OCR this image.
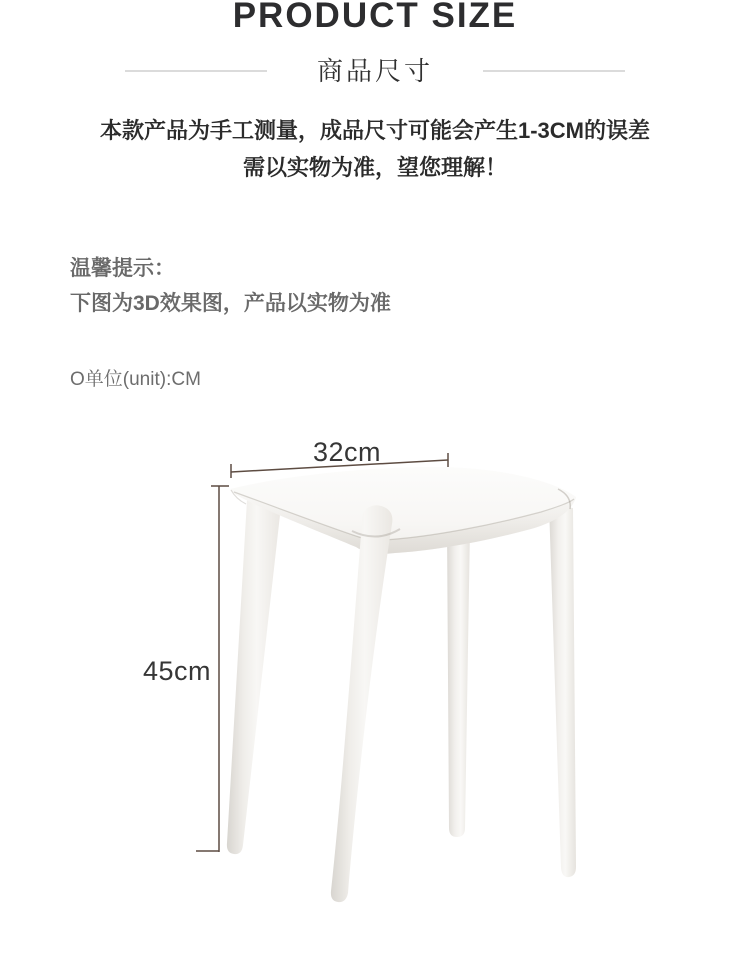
PRODUCT SIZE
商品尺寸
本款产品为手工测量，成品尺寸可能会产生1-3CM的误差
需以实物为准，望您理解！
温馨提示：
下图为3D效果图，产品以实物为准
O单位(unit):CM
32cm
45cm
